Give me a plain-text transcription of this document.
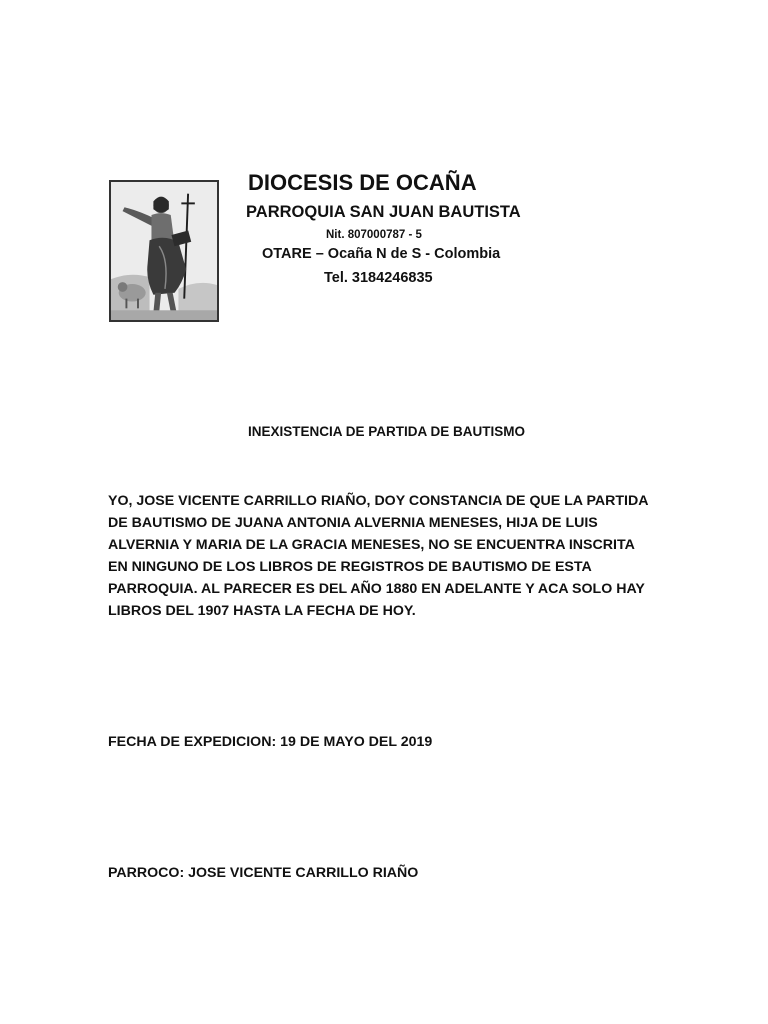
DIOCESIS DE OCAÑA
PARROQUIA SAN JUAN BAUTISTA
Nit. 807000787 - 5
OTARE – Ocaña N de S - Colombia
Tel. 3184246835
INEXISTENCIA DE PARTIDA DE BAUTISMO
YO, JOSE VICENTE CARRILLO RIAÑO, DOY CONSTANCIA DE QUE LA PARTIDA
DE BAUTISMO DE JUANA ANTONIA ALVERNIA MENESES, HIJA DE LUIS
ALVERNIA Y MARIA DE LA GRACIA MENESES, NO SE ENCUENTRA INSCRITA
EN NINGUNO DE LOS LIBROS DE REGISTROS DE BAUTISMO DE ESTA
PARROQUIA. AL PARECER ES DEL AÑO 1880 EN ADELANTE Y ACA SOLO HAY
LIBROS DEL 1907 HASTA LA FECHA DE HOY.
FECHA DE EXPEDICION: 19 DE MAYO DEL 2019
PARROCO: JOSE VICENTE CARRILLO RIAÑO
